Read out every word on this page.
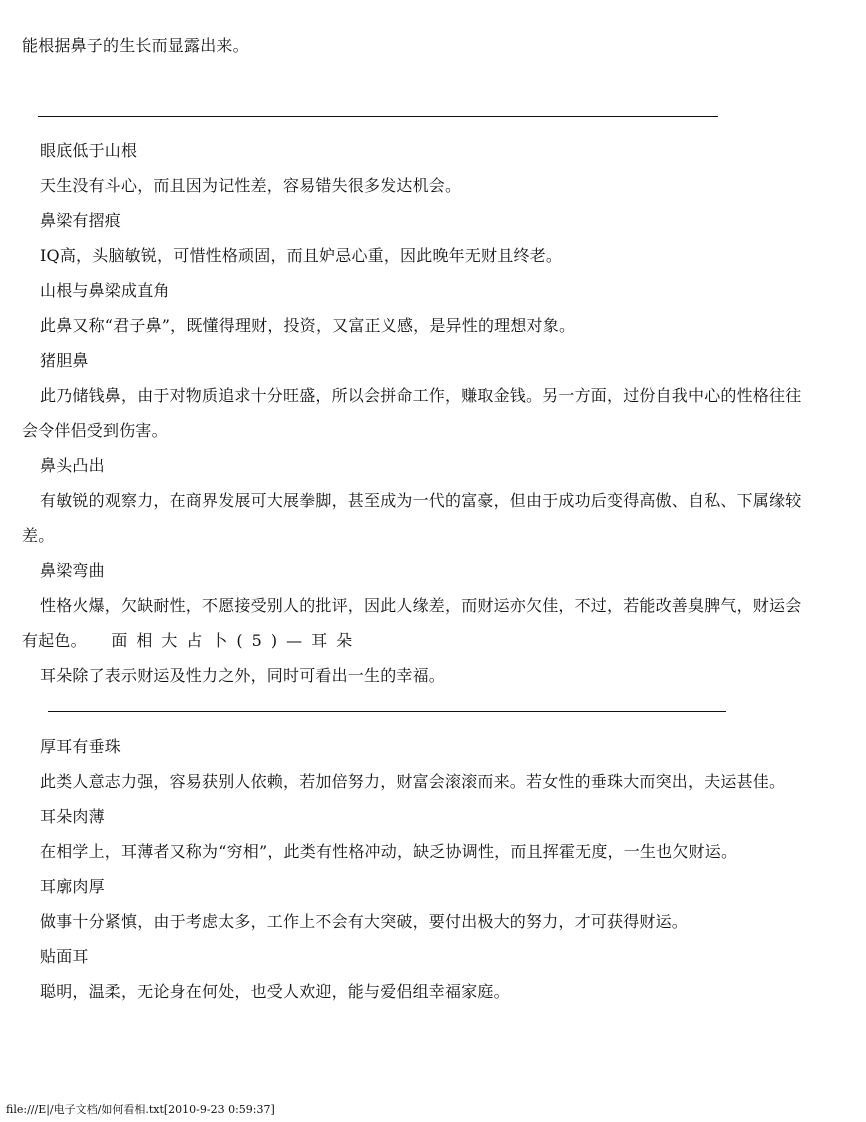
能根据鼻子的生长而显露出来。
眼底低于山根
天生没有斗心，而且因为记性差，容易错失很多发达机会。
鼻梁有摺痕
IQ高，头脑敏锐，可惜性格顽固，而且妒忌心重，因此晚年无财且终老。
山根与鼻梁成直角
此鼻又称“君子鼻”，既懂得理财，投资，又富正义感，是异性的理想对象。
猪胆鼻
此乃储钱鼻，由于对物质追求十分旺盛，所以会拼命工作，赚取金钱。另一方面，过份自我中心的性格往往
会令伴侣受到伤害。
鼻头凸出
有敏锐的观察力，在商界发展可大展拳脚，甚至成为一代的富豪，但由于成功后变得高傲、自私、下属缘较
差。
鼻梁弯曲
性格火爆，欠缺耐性，不愿接受别人的批评，因此人缘差，而财运亦欠佳，不过，若能改善臭脾气，财运会
有起色。 面相大占卜(5)—耳朵
耳朵除了表示财运及性力之外，同时可看出一生的幸福。
厚耳有垂珠
此类人意志力强，容易获别人依赖，若加倍努力，财富会滚滚而来。若女性的垂珠大而突出，夫运甚佳。
耳朵肉薄
在相学上，耳薄者又称为“穷相”，此类有性格冲动，缺乏协调性，而且挥霍无度，一生也欠财运。
耳廓肉厚
做事十分紧慎，由于考虑太多，工作上不会有大突破，要付出极大的努力，才可获得财运。
贴面耳
聪明，温柔，无论身在何处，也受人欢迎，能与爱侣组幸福家庭。
file:///E|/电子文档/如何看相.txt[2010-9-23 0:59:37]
